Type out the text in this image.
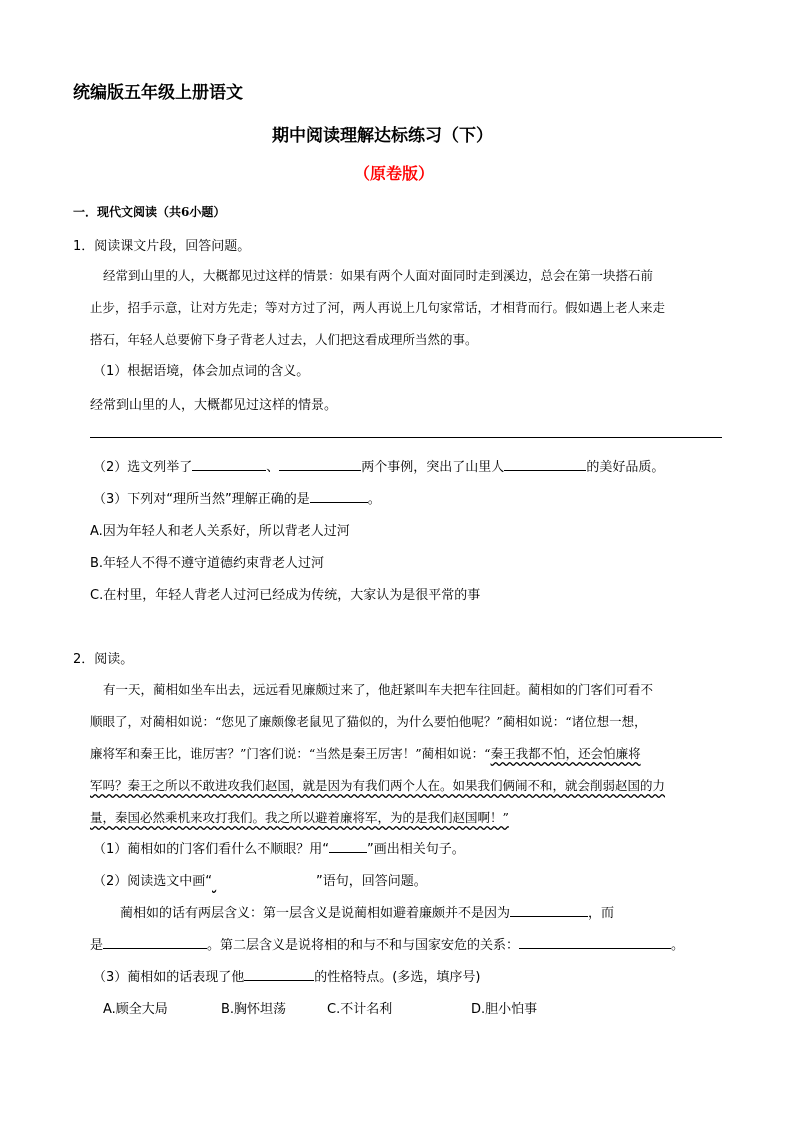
统编版五年级上册语文
期中阅读理解达标练习（下）
（原卷版）
一．现代文阅读（共6小题）
1．阅读课文片段，回答问题。
经常到山里的人，大概都见过这样的情景：如果有两个人面对面同时走到溪边，总会在第一块搭石前
止步，招手示意，让对方先走；等对方过了河，两人再说上几句家常话，才相背而行。假如遇上老人来走
搭石，年轻人总要俯下身子背老人过去，人们把这看成理所当然的事。
（1）根据语境，体会加点词的含义。
经常到山里的人，大概都见过这样的情景。
（2）选文列举了	、	两个事例，突出了山里人	的美好品质。
（3）下列对“理所当然”理解正确的是	。
A.因为年轻人和老人关系好，所以背老人过河
B.年轻人不得不遵守道德约束背老人过河
C.在村里，年轻人背老人过河已经成为传统，大家认为是很平常的事
2．阅读。
有一天，蔺相如坐车出去，远远看见廉颇过来了，他赶紧叫车夫把车往回赶。蔺相如的门客们可看不
顺眼了，对蔺相如说：“您见了廉颇像老鼠见了猫似的，为什么要怕他呢？”蔺相如说：“诸位想一想，
廉将军和秦王比，谁厉害？”门客们说：“当然是秦王厉害！”蔺相如说：“秦王我都不怕，还会怕廉将
军吗？秦王之所以不敢进攻我们赵国，就是因为有我们两个人在。如果我们俩闹不和，就会削弱赵国的力
量，秦国必然乘机来攻打我们。我之所以避着廉将军，为的是我们赵国啊！”
（1）蔺相如的门客们看什么不顺眼？用“	”画出相关句子。
（2）阅读选文中画“	”语句，回答问题。
蔺相如的话有两层含义：第一层含义是说蔺相如避着廉颇并不是因为	，而
是	。第二层含义是说将相的和与不和与国家安危的关系：	。
（3）蔺相如的话表现了他	的性格特点。(多选，填序号)
A.顾全大局	B.胸怀坦荡	C.不计名利	D.胆小怕事
